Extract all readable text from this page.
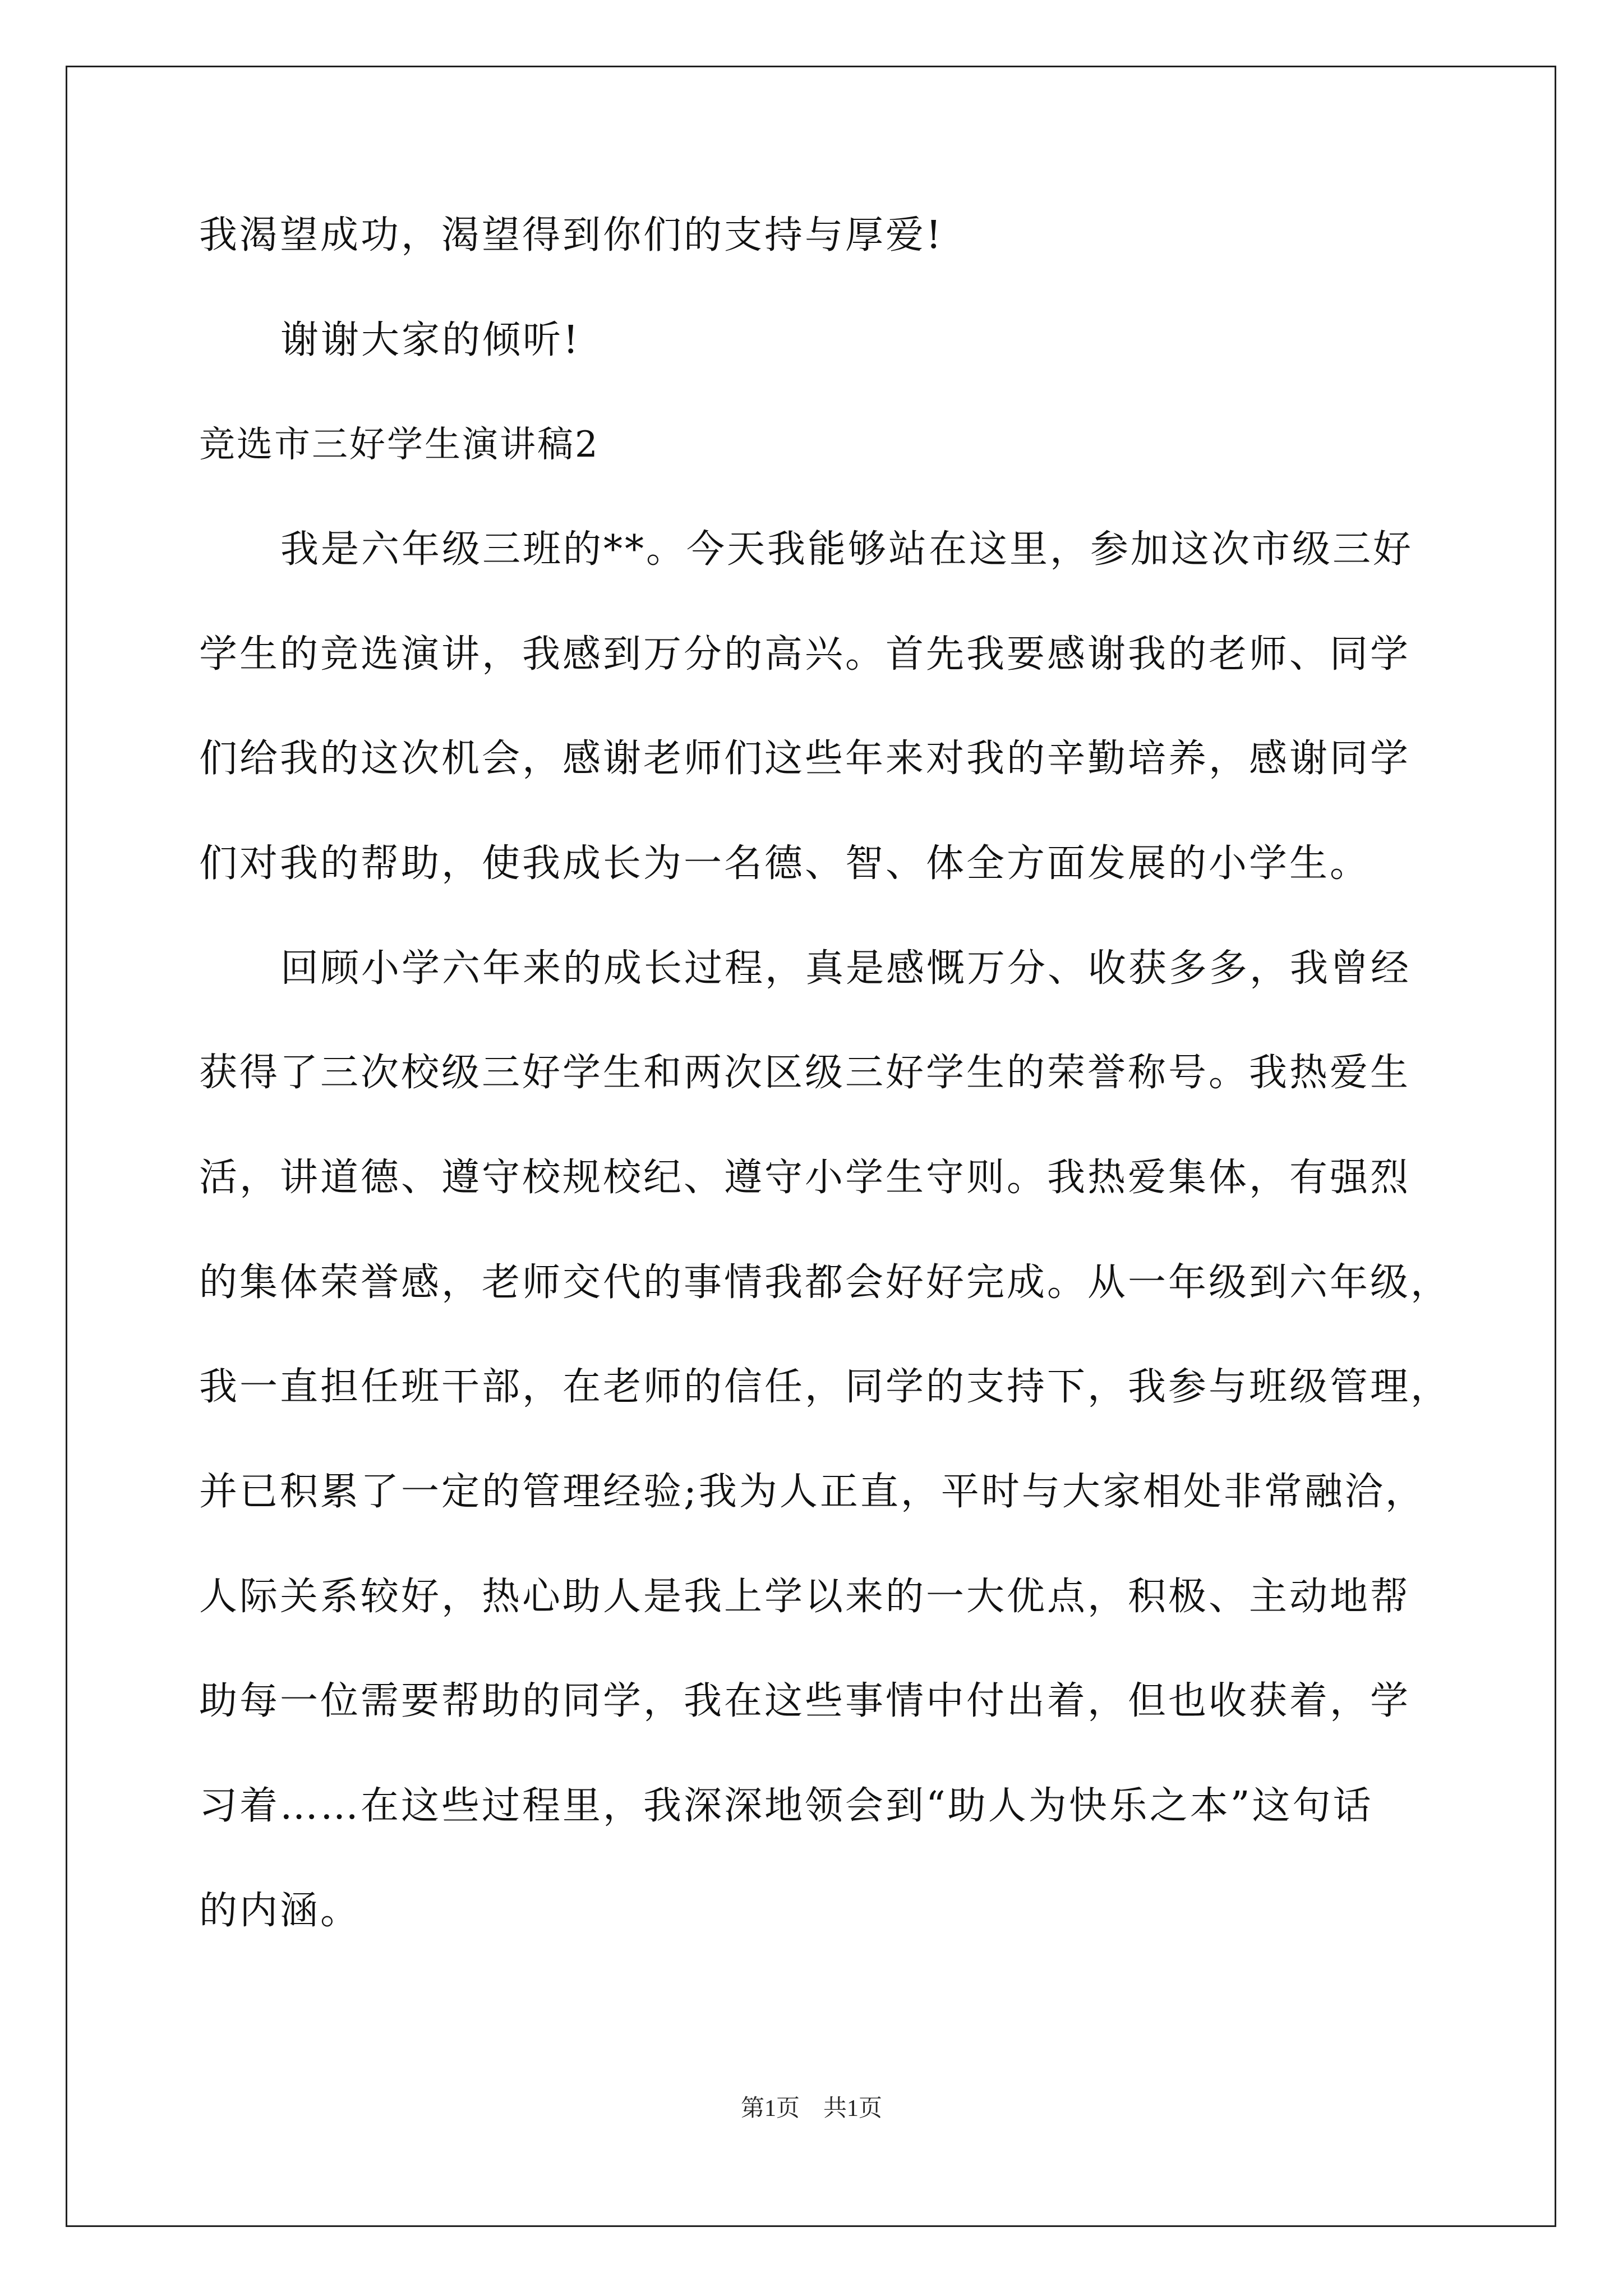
我渴望成功，渴望得到你们的支持与厚爱!
谢谢大家的倾听!
竞选市三好学生演讲稿2
我是六年级三班的**。今天我能够站在这里，参加这次市级三好
学生的竞选演讲，我感到万分的高兴。首先我要感谢我的老师、同学
们给我的这次机会，感谢老师们这些年来对我的辛勤培养，感谢同学
们对我的帮助，使我成长为一名德、智、体全方面发展的小学生。
回顾小学六年来的成长过程，真是感慨万分、收获多多，我曾经
获得了三次校级三好学生和两次区级三好学生的荣誉称号。我热爱生
活，讲道德、遵守校规校纪、遵守小学生守则。我热爱集体，有强烈
的集体荣誉感，老师交代的事情我都会好好完成。从一年级到六年级，
我一直担任班干部，在老师的信任，同学的支持下，我参与班级管理，
并已积累了一定的管理经验;我为人正直，平时与大家相处非常融洽，
人际关系较好，热心助人是我上学以来的一大优点，积极、主动地帮
助每一位需要帮助的同学，我在这些事情中付出着，但也收获着，学
习着……在这些过程里，我深深地领会到“助人为快乐之本”这句话
的内涵。
第1页　共1页
